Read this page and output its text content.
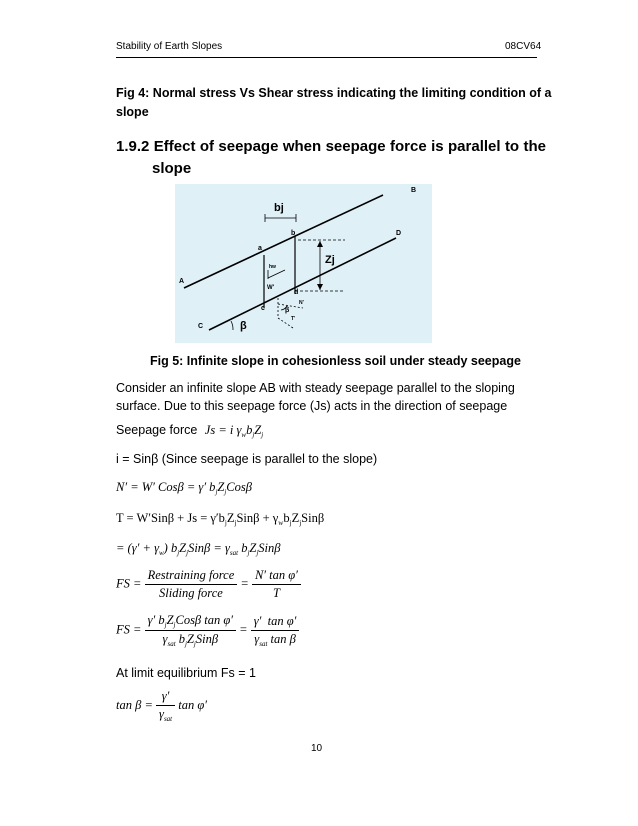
Stability of Earth Slopes	08CV64
Fig 4: Normal stress Vs Shear stress indicating the limiting condition of a slope
1.9.2 Effect of seepage when seepage force is parallel to the slope
B
D
A
C
a
b
c
d
bj
Zj
hw
W'
N'
T'
β
β
Fig 5: Infinite slope in cohesionless soil under steady seepage
Consider an infinite slope AB with steady seepage parallel to the sloping surface. Due to this seepage force (Js) acts in the direction of seepage
Seepage force Js = i $\gamma_wb_jZ_j$
i = Sinβ (Since seepage is parallel to the slope)
N′ = W′ Cosβ = γ′ $b_jZ_jCos\beta$
$T = W'Sin\beta + Js = \gamma'b_jZ_jSin\beta + \gamma_wb_jZ_jSin\beta$
= $(\gamma' + \gamma_w)$ $b_jZ_jSin\beta = \gamma_{sat}$ $b_jZ_jSin\beta$
FS = $\frac{\text{Restraining force}}{\text{Sliding force}} = \frac{\text{N′ tan φ′}}{T}$
FS = $\frac{\gamma' b_jZ_jCos\beta \tan \varphi'}{\gamma_{sat} b_jZ_jSin\beta} = \frac{\text{γ′  tan φ′}}{\gamma_{sat} \tan \beta}$
At limit equilibrium Fs = 1
$\tan \beta = \frac{\gamma'}{\gamma_{sat}}$ tan φ′
10
